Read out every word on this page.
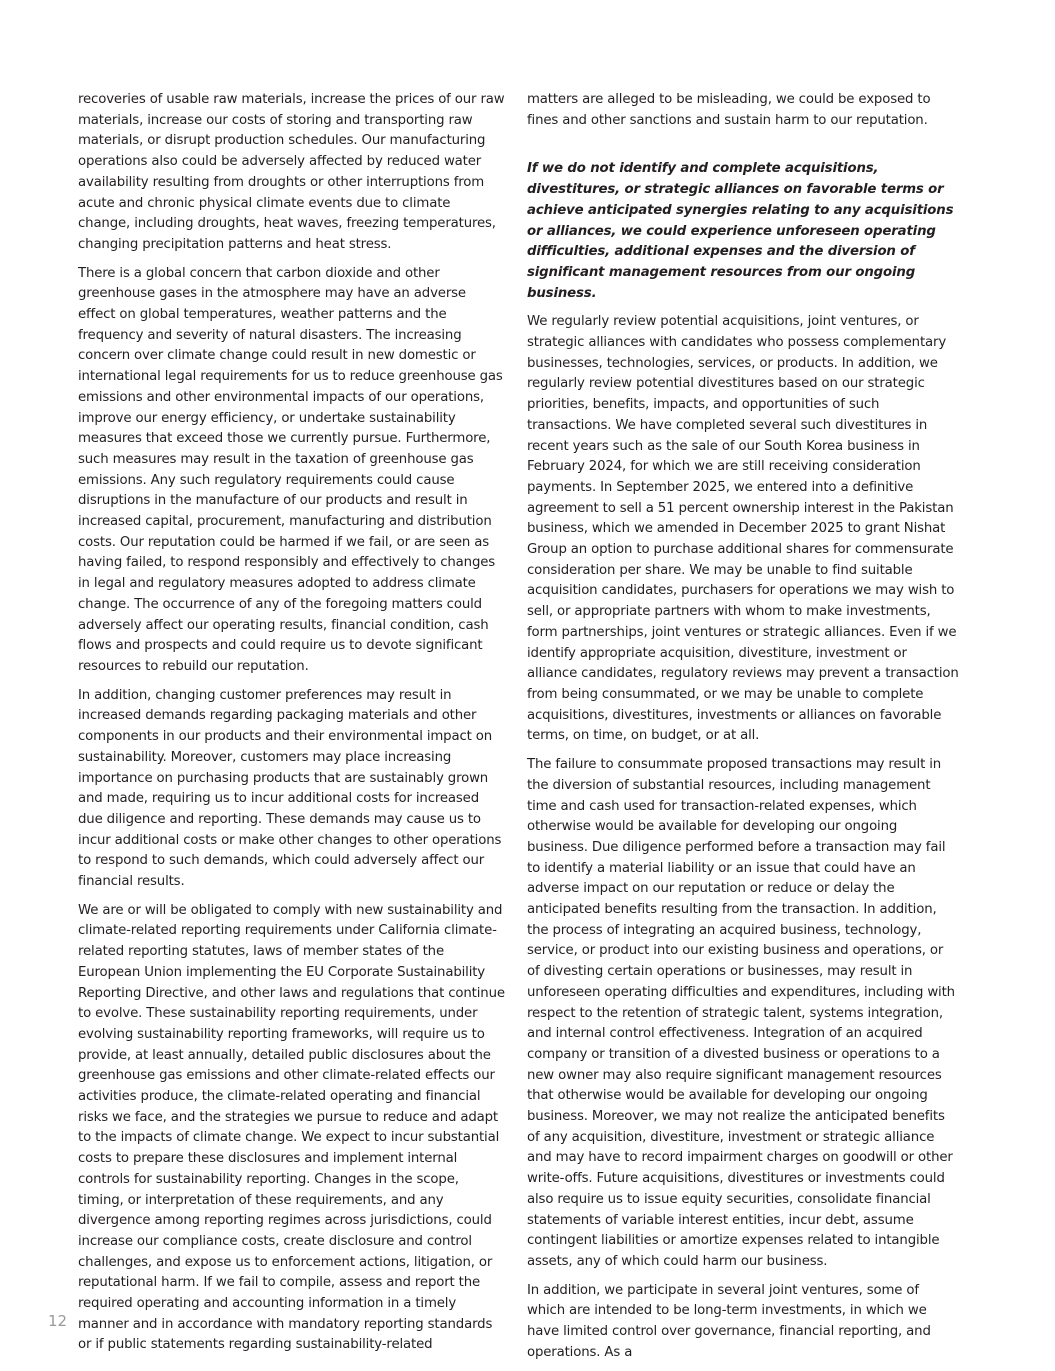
recoveries of usable raw materials, increase the prices of our raw materials, increase our costs of storing and transporting raw materials, or disrupt production schedules. Our manufacturing operations also could be adversely affected by reduced water availability resulting from droughts or other interruptions from acute and chronic physical climate events due to climate change, including droughts, heat waves, freezing temperatures, changing precipitation patterns and heat stress.

There is a global concern that carbon dioxide and other greenhouse gases in the atmosphere may have an adverse effect on global temperatures, weather patterns and the frequency and severity of natural disasters. The increasing concern over climate change could result in new domestic or international legal requirements for us to reduce greenhouse gas emissions and other environmental impacts of our operations, improve our energy efficiency, or undertake sustainability measures that exceed those we currently pursue. Furthermore, such measures may result in the taxation of greenhouse gas emissions. Any such regulatory requirements could cause disruptions in the manufacture of our products and result in increased capital, procurement, manufacturing and distribution costs. Our reputation could be harmed if we fail, or are seen as having failed, to respond responsibly and effectively to changes in legal and regulatory measures adopted to address climate change. The occurrence of any of the foregoing matters could adversely affect our operating results, financial condition, cash flows and prospects and could require us to devote significant resources to rebuild our reputation.

In addition, changing customer preferences may result in increased demands regarding packaging materials and other components in our products and their environmental impact on sustainability. Moreover, customers may place increasing importance on purchasing products that are sustainably grown and made, requiring us to incur additional costs for increased due diligence and reporting. These demands may cause us to incur additional costs or make other changes to other operations to respond to such demands, which could adversely affect our financial results.

We are or will be obligated to comply with new sustainability and climate-related reporting requirements under California climate-related reporting statutes, laws of member states of the European Union implementing the EU Corporate Sustainability Reporting Directive, and other laws and regulations that continue to evolve. These sustainability reporting requirements, under evolving sustainability reporting frameworks, will require us to provide, at least annually, detailed public disclosures about the greenhouse gas emissions and other climate-related effects our activities produce, the climate-related operating and financial risks we face, and the strategies we pursue to reduce and adapt to the impacts of climate change. We expect to incur substantial costs to prepare these disclosures and implement internal controls for sustainability reporting. Changes in the scope, timing, or interpretation of these requirements, and any divergence among reporting regimes across jurisdictions, could increase our compliance costs, create disclosure and control challenges, and expose us to enforcement actions, litigation, or reputational harm. If we fail to compile, assess and report the required operating and accounting information in a timely manner and in accordance with mandatory reporting standards or if public statements regarding sustainability-related

matters are alleged to be misleading, we could be exposed to fines and other sanctions and sustain harm to our reputation.

If we do not identify and complete acquisitions, divestitures, or strategic alliances on favorable terms or achieve anticipated synergies relating to any acquisitions or alliances, we could experience unforeseen operating difficulties, additional expenses and the diversion of significant management resources from our ongoing business.

We regularly review potential acquisitions, joint ventures, or strategic alliances with candidates who possess complementary businesses, technologies, services, or products. In addition, we regularly review potential divestitures based on our strategic priorities, benefits, impacts, and opportunities of such transactions. We have completed several such divestitures in recent years such as the sale of our South Korea business in February 2024, for which we are still receiving consideration payments. In September 2025, we entered into a definitive agreement to sell a 51 percent ownership interest in the Pakistan business, which we amended in December 2025 to grant Nishat Group an option to purchase additional shares for commensurate consideration per share. We may be unable to find suitable acquisition candidates, purchasers for operations we may wish to sell, or appropriate partners with whom to make investments, form partnerships, joint ventures or strategic alliances. Even if we identify appropriate acquisition, divestiture, investment or alliance candidates, regulatory reviews may prevent a transaction from being consummated, or we may be unable to complete acquisitions, divestitures, investments or alliances on favorable terms, on time, on budget, or at all.

The failure to consummate proposed transactions may result in the diversion of substantial resources, including management time and cash used for transaction-related expenses, which otherwise would be available for developing our ongoing business. Due diligence performed before a transaction may fail to identify a material liability or an issue that could have an adverse impact on our reputation or reduce or delay the anticipated benefits resulting from the transaction. In addition, the process of integrating an acquired business, technology, service, or product into our existing business and operations, or of divesting certain operations or businesses, may result in unforeseen operating difficulties and expenditures, including with respect to the retention of strategic talent, systems integration, and internal control effectiveness. Integration of an acquired company or transition of a divested business or operations to a new owner may also require significant management resources that otherwise would be available for developing our ongoing business. Moreover, we may not realize the anticipated benefits of any acquisition, divestiture, investment or strategic alliance and may have to record impairment charges on goodwill or other write-offs. Future acquisitions, divestitures or investments could also require us to issue equity securities, consolidate financial statements of variable interest entities, incur debt, assume contingent liabilities or amortize expenses related to intangible assets, any of which could harm our business.

In addition, we participate in several joint ventures, some of which are intended to be long-term investments, in which we have limited control over governance, financial reporting, and operations. As a

12
